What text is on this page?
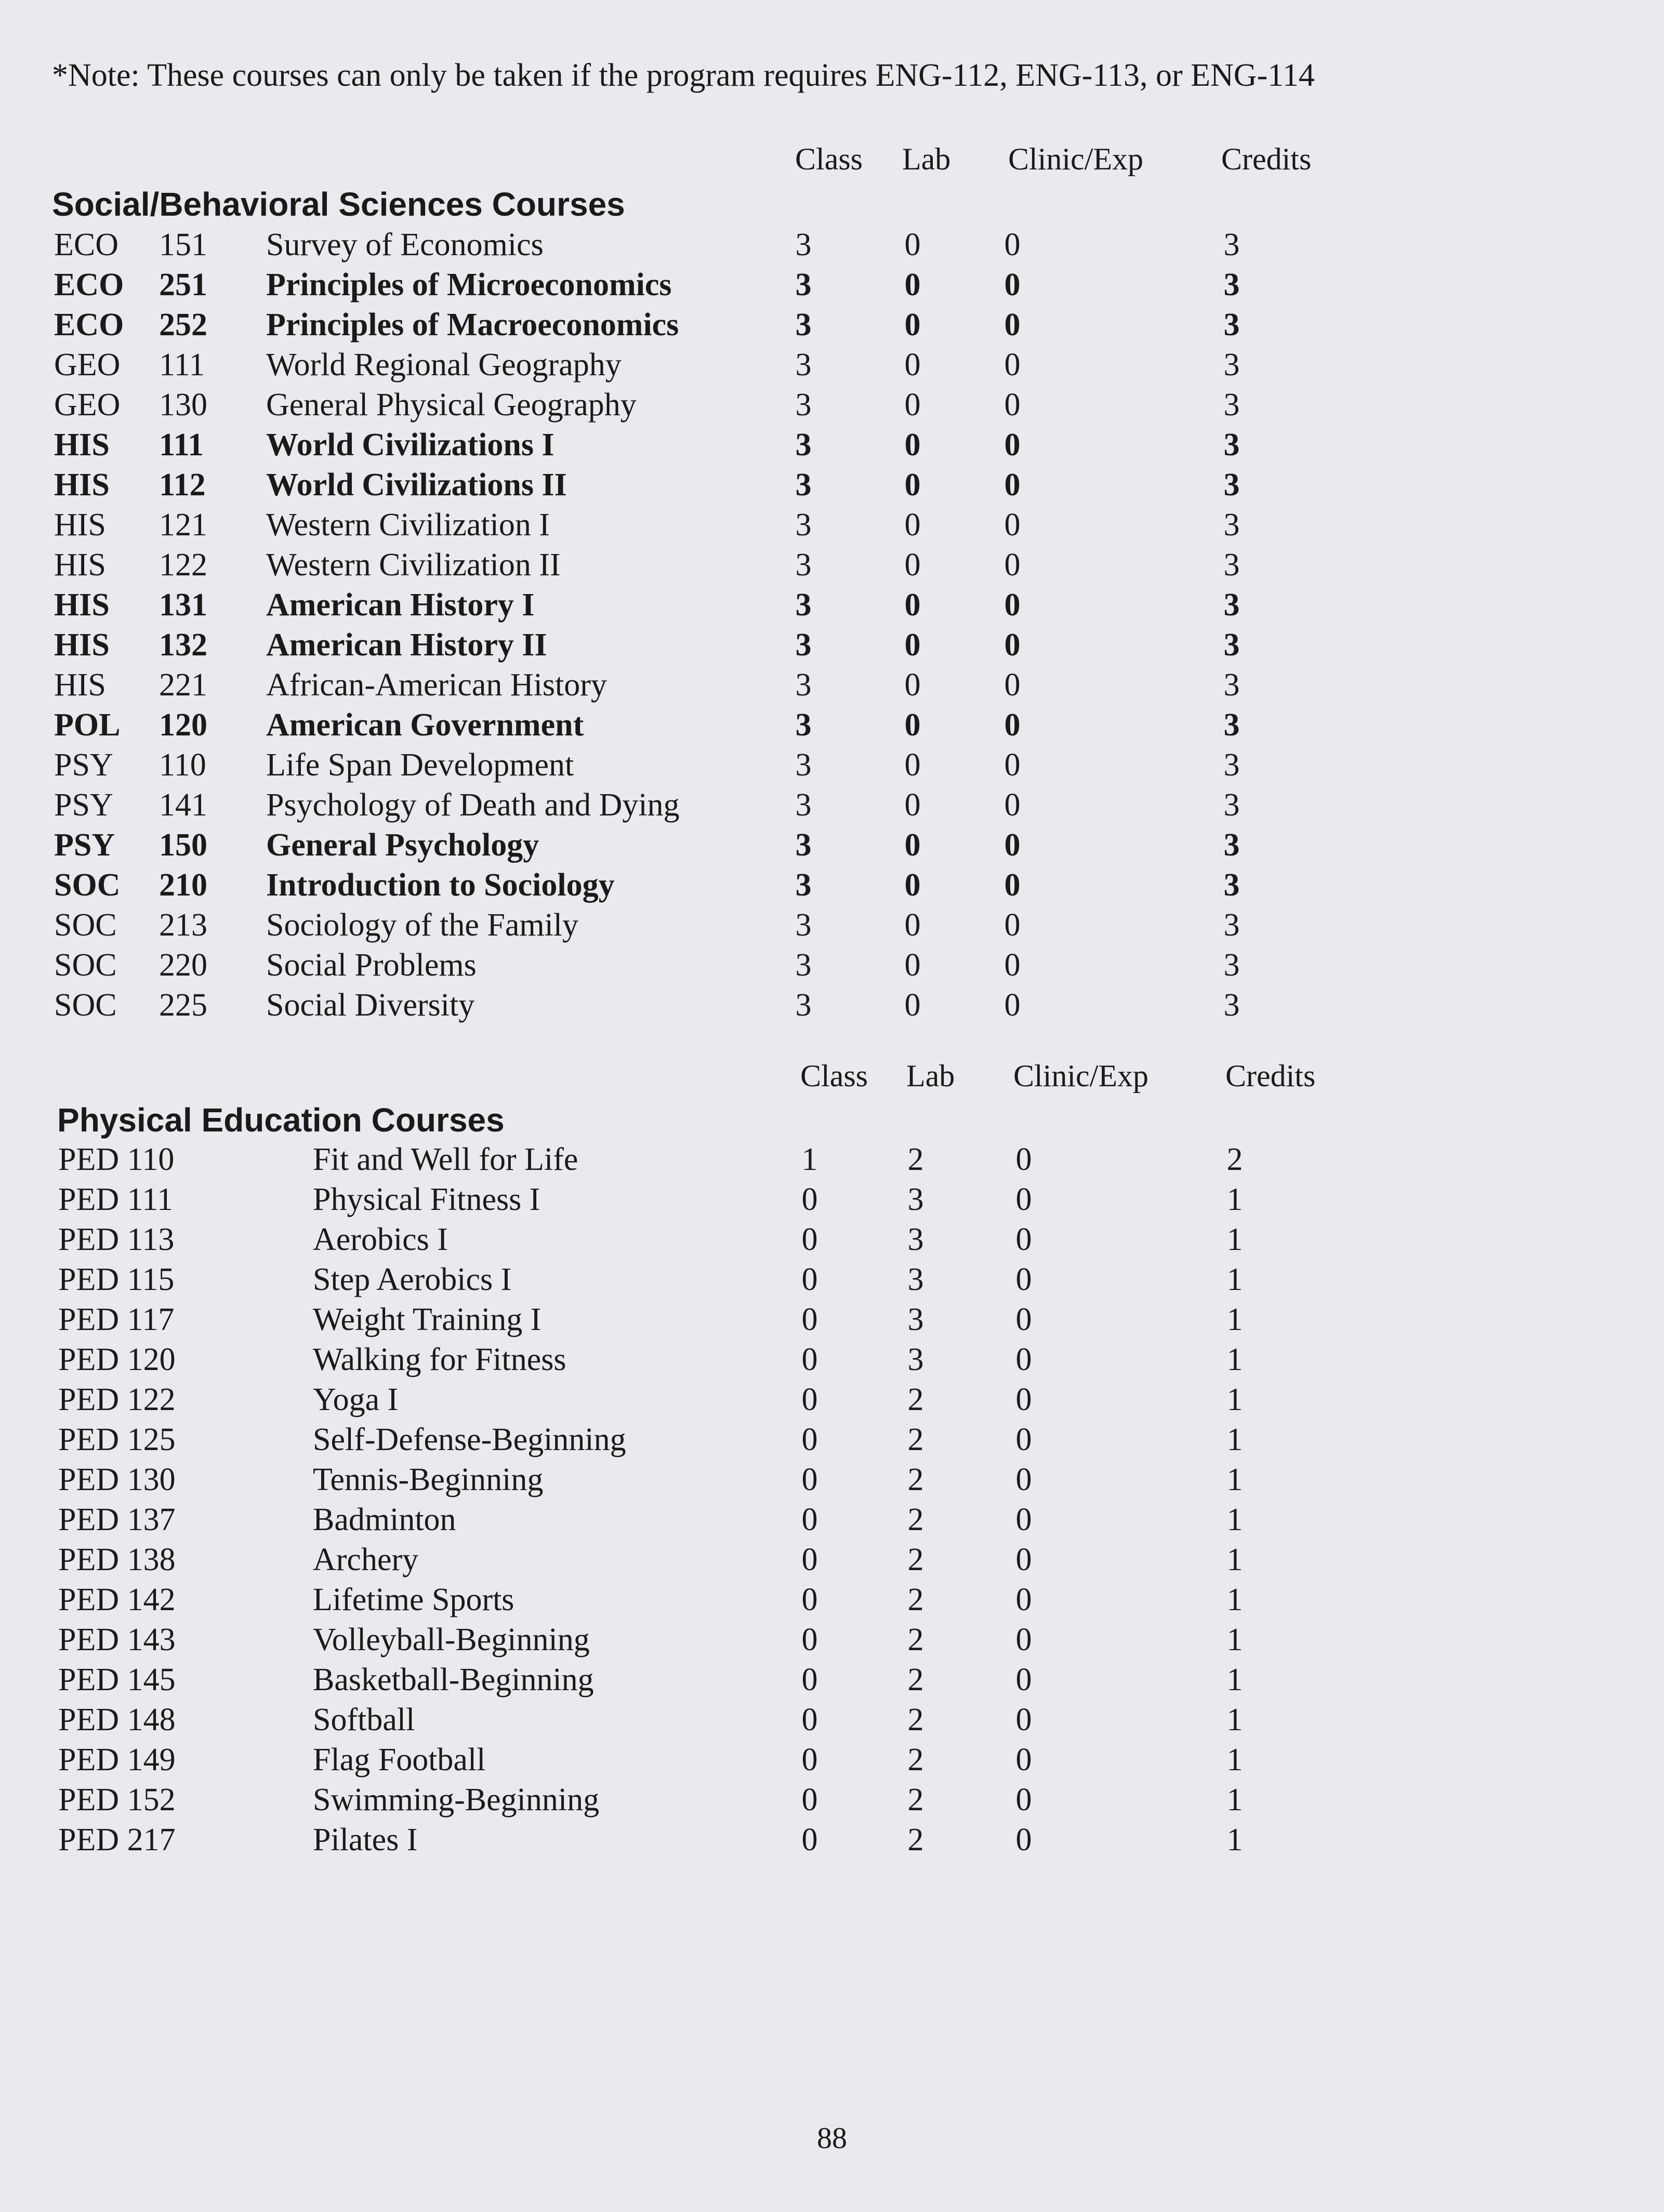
*Note: These courses can only be taken if the program requires ENG-112, ENG-113, or ENG-114
Class Lab Clinic/Exp	Credits
Social/Behavioral Sciences Courses
ECO 151 Survey of Economics	3	0	0	3
ECO 251 Principles of Microeconomics	3	0	0	3
ECO 252 Principles of Macroeconomics	3	0	0	3
GEO 111 World Regional Geography	3	0	0	3
GEO 130 General Physical Geography	3	0	0	3
HIS 111 World Civilizations I	3	0	0	3
HIS 112 World Civilizations II	3	0	0	3
HIS 121 Western Civilization I	3	0	0	3
HIS 122 Western Civilization II	3	0	0	3
HIS 131 American History I	3	0	0	3
HIS 132 American History II	3	0	0	3
HIS 221 African-American History	3	0	0	3
POL 120 American Government	3	0	0	3
PSY 110 Life Span Development	3	0	0	3
PSY 141 Psychology of Death and Dying	3	0	0	3
PSY 150 General Psychology	3	0	0	3
SOC 210 Introduction to Sociology	3	0	0	3
SOC 213 Sociology of the Family	3	0	0	3
SOC 220 Social Problems	3	0	0	3
SOC 225 Social Diversity	3	0	0	3
Class Lab Clinic/Exp Credits
Physical Education Courses
PED 110	Fit and Well for Life	1	2	0	2
PED 111	Physical Fitness I	0	3	0	1
PED 113	Aerobics I	0	3	0	1
PED 115	Step Aerobics I	0	3	0	1
PED 117	Weight Training I	0	3	0	1
PED 120	Walking for Fitness	0	3	0	1
PED 122	Yoga I	0	2	0	1
PED 125	Self-Defense-Beginning	0	2	0	1
PED 130	Tennis-Beginning	0	2	0	1
PED 137	Badminton	0	2	0	1
PED 138	Archery	0	2	0	1
PED 142	Lifetime Sports	0	2	0	1
PED 143	Volleyball-Beginning	0	2	0	1
PED 145	Basketball-Beginning	0	2	0	1
PED 148	Softball	0	2	0	1
PED 149	Flag Football	0	2	0	1
PED 152	Swimming-Beginning	0	2	0	1
PED 217	Pilates I	0	2	0	1
88
